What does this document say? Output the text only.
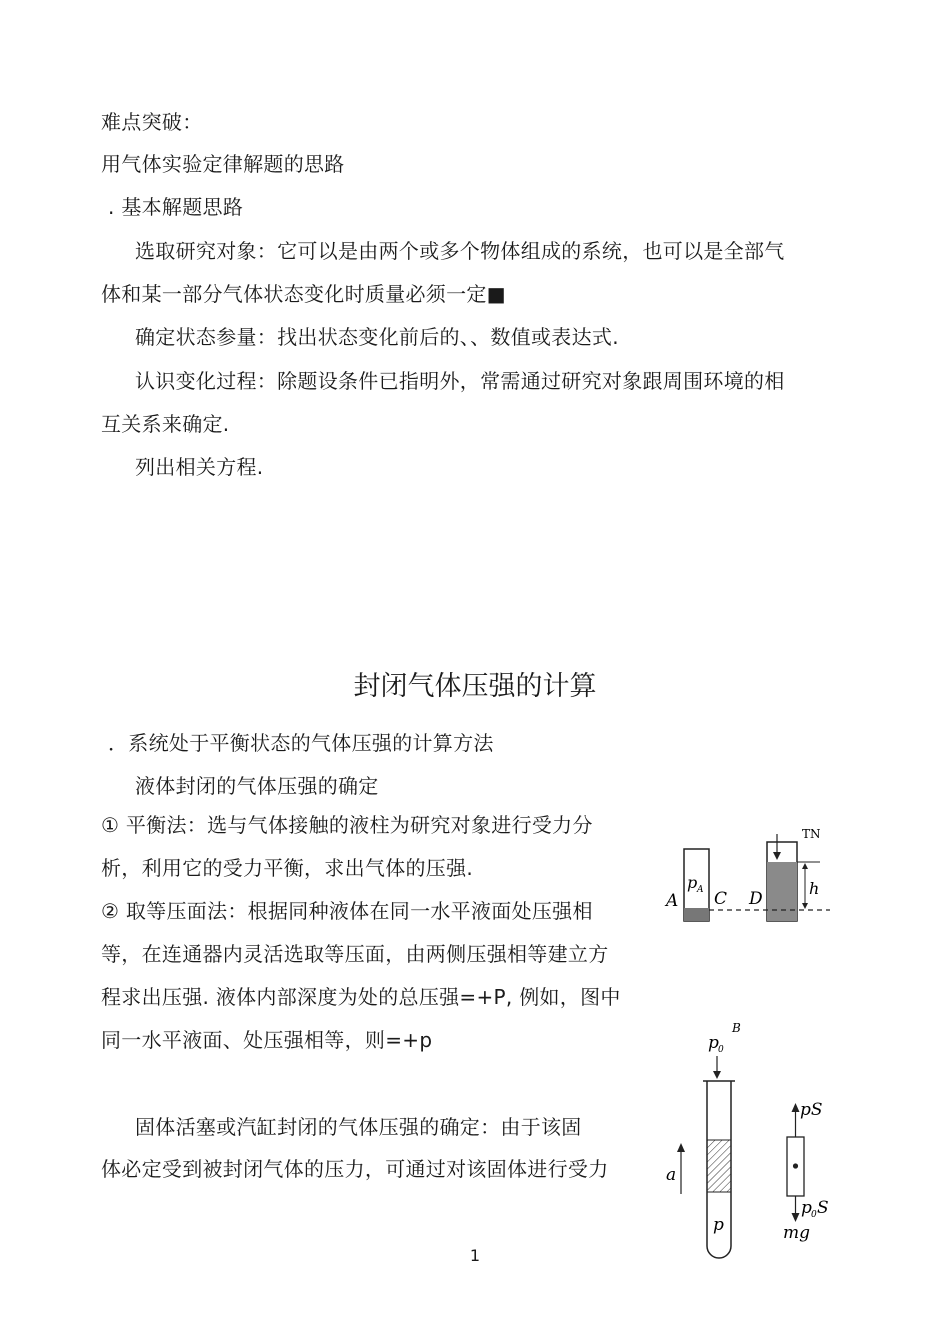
难点突破：
用气体实验定律解题的思路
. 基本解题思路
选取研究对象：它可以是由两个或多个物体组成的系统，也可以是全部气
体和某一部分气体状态变化时质量必须一定■
确定状态参量：找出状态变化前后的、、数值或表达式.
认识变化过程：除题设条件已指明外，常需通过研究对象跟周围环境的相
互关系来确定.
列出相关方程.
封闭气体压强的计算
．系统处于平衡状态的气体压强的计算方法
液体封闭的气体压强的确定
① 平衡法：选与气体接触的液柱为研究对象进行受力分
析，利用它的受力平衡，求出气体的压强.
② 取等压面法：根据同种液体在同一水平液面处压强相
等，在连通器内灵活选取等压面，由两侧压强相等建立方
程求出压强. 液体内部深度为处的总压强=+P, 例如，图中
同一水平液面、处压强相等，则=+p
固体活塞或汽缸封闭的气体压强的确定：由于该固
体必定受到被封闭气体的压力，可通过对该固体进行受力
h
A
p A C D
TN
p 0
B
p
a
pS
p 0 S
mg
1
